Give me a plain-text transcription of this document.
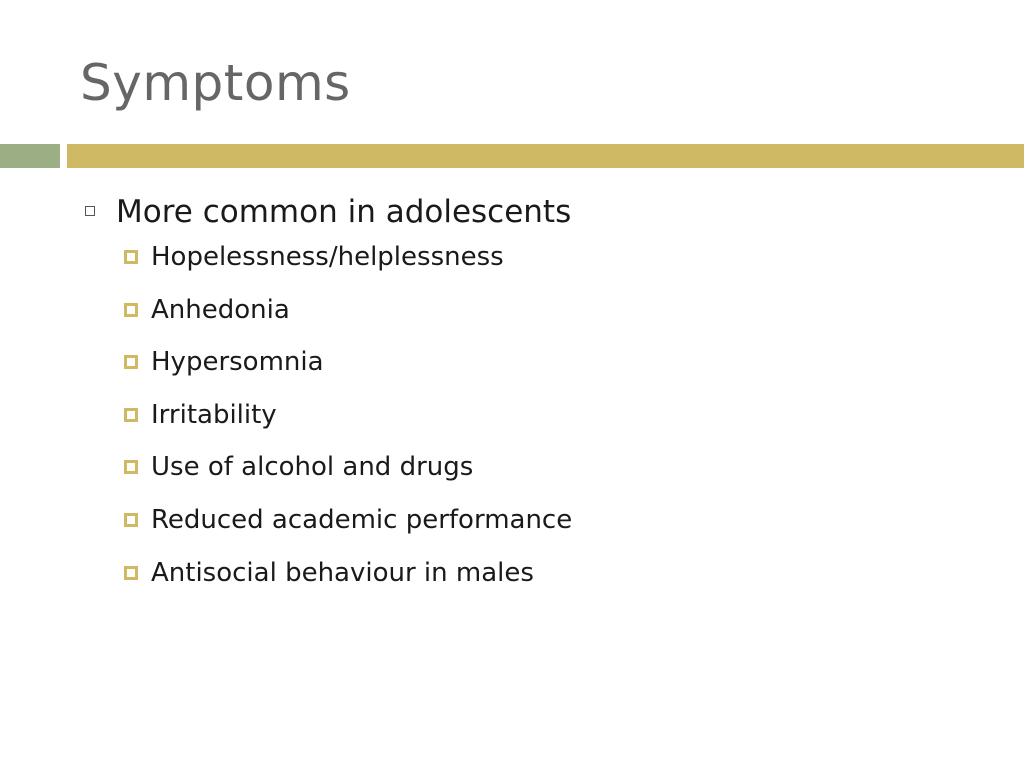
Symptoms
More common in adolescents
Hopelessness/helplessness
Anhedonia
Hypersomnia
Irritability
Use of alcohol and drugs
Reduced academic performance
Antisocial behaviour in males
